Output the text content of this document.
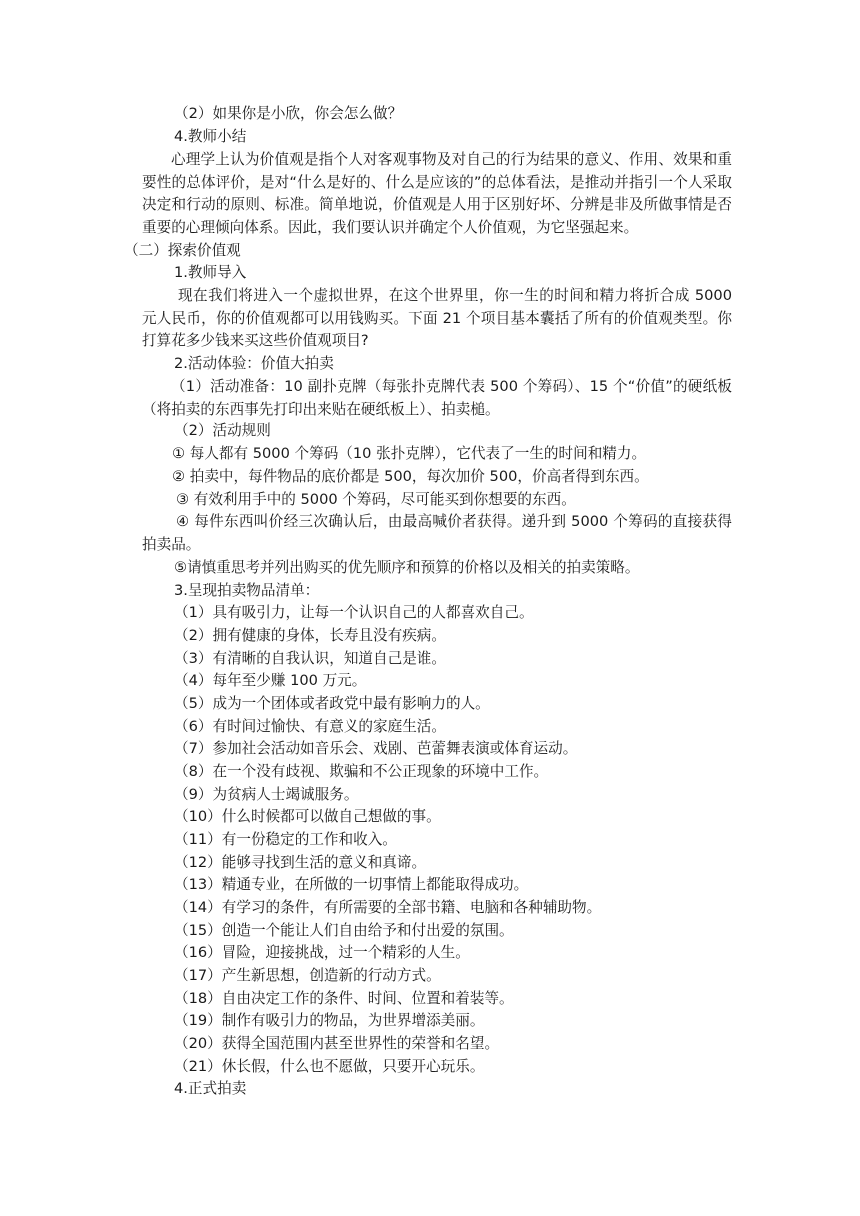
（2）如果你是小欣，你会怎么做？
4.教师小结
心理学上认为价值观是指个人对客观事物及对自己的行为结果的意义、作用、效果和重要性的总体评价，是对“什么是好的、什么是应该的”的总体看法，是推动并指引一个人采取决定和行动的原则、标准。简单地说，价值观是人用于区别好坏、分辨是非及所做事情是否重要的心理倾向体系。因此，我们要认识并确定个人价值观，为它坚强起来。
（二）探索价值观
1.教师导入
现在我们将进入一个虚拟世界，在这个世界里，你一生的时间和精力将折合成 5000 元人民币，你的价值观都可以用钱购买。下面 21 个项目基本囊括了所有的价值观类型。你打算花多少钱来买这些价值观项目?
2.活动体验：价值大拍卖
（1）活动准备：10 副扑克牌（每张扑克牌代表 500 个筹码）、15 个“价值”的硬纸板（将拍卖的东西事先打印出来贴在硬纸板上）、拍卖槌。
（2）活动规则
① 每人都有 5000 个筹码（10 张扑克牌），它代表了一生的时间和精力。
② 拍卖中，每件物品的底价都是 500，每次加价 500，价高者得到东西。
③ 有效利用手中的 5000 个筹码，尽可能买到你想要的东西。
④ 每件东西叫价经三次确认后，由最高喊价者获得。递升到 5000 个筹码的直接获得拍卖品。
⑤请慎重思考并列出购买的优先顺序和预算的价格以及相关的拍卖策略。
3.呈现拍卖物品清单：
（1）具有吸引力，让每一个认识自己的人都喜欢自己。
（2）拥有健康的身体，长寿且没有疾病。
（3）有清晰的自我认识，知道自己是谁。
（4）每年至少赚 100 万元。
（5）成为一个团体或者政党中最有影响力的人。
（6）有时间过愉快、有意义的家庭生活。
（7）参加社会活动如音乐会、戏剧、芭蕾舞表演或体育运动。
（8）在一个没有歧视、欺骗和不公正现象的环境中工作。
（9）为贫病人士竭诚服务。
（10）什么时候都可以做自己想做的事。
（11）有一份稳定的工作和收入。
（12）能够寻找到生活的意义和真谛。
（13）精通专业，在所做的一切事情上都能取得成功。
（14）有学习的条件，有所需要的全部书籍、电脑和各种辅助物。
（15）创造一个能让人们自由给予和付出爱的氛围。
（16）冒险，迎接挑战，过一个精彩的人生。
（17）产生新思想，创造新的行动方式。
（18）自由决定工作的条件、时间、位置和着装等。
（19）制作有吸引力的物品，为世界增添美丽。
（20）获得全国范围内甚至世界性的荣誉和名望。
（21）休长假，什么也不愿做，只要开心玩乐。
4.正式拍卖
